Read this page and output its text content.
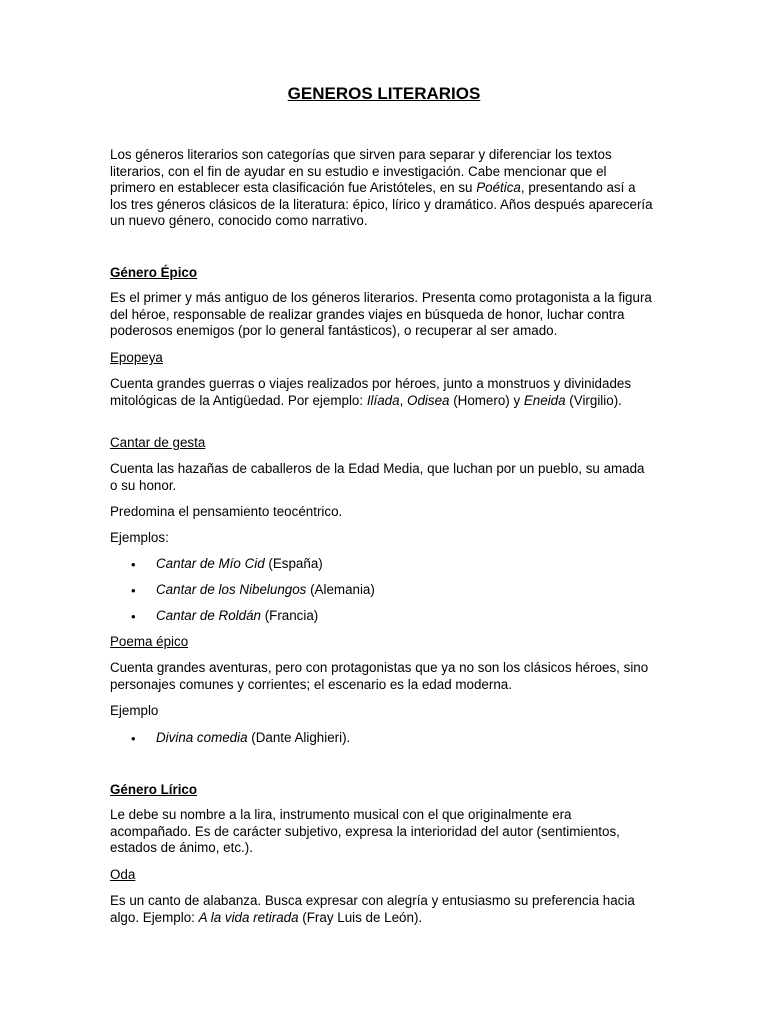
GENEROS LITERARIOS

Los géneros literarios son categorías que sirven para separar y diferenciar los textos literarios, con el fin de ayudar en su estudio e investigación. Cabe mencionar que el primero en establecer esta clasificación fue Aristóteles, en su Poética, presentando así a los tres géneros clásicos de la literatura: épico, lírico y dramático. Años después aparecería un nuevo género, conocido como narrativo.

Género Épico

Es el primer y más antiguo de los géneros literarios. Presenta como protagonista a la figura del héroe, responsable de realizar grandes viajes en búsqueda de honor, luchar contra poderosos enemigos (por lo general fantásticos), o recuperar al ser amado.

Epopeya

Cuenta grandes guerras o viajes realizados por héroes, junto a monstruos y divinidades mitológicas de la Antigüedad. Por ejemplo: Ilíada, Odisea (Homero) y Eneida (Virgilio).

Cantar de gesta

Cuenta las hazañas de caballeros de la Edad Media, que luchan por un pueblo, su amada o su honor.

Predomina el pensamiento teocéntrico.

Ejemplos:

• Cantar de Mío Cid (España)

• Cantar de los Nibelungos (Alemania)

• Cantar de Roldán (Francia)

Poema épico

Cuenta grandes aventuras, pero con protagonistas que ya no son los clásicos héroes, sino personajes comunes y corrientes; el escenario es la edad moderna.

Ejemplo

• Divina comedia (Dante Alighieri).

Género Lírico

Le debe su nombre a la lira, instrumento musical con el que originalmente era acompañado. Es de carácter subjetivo, expresa la interioridad del autor (sentimientos, estados de ánimo, etc.).

Oda

Es un canto de alabanza. Busca expresar con alegría y entusiasmo su preferencia hacia algo. Ejemplo: A la vida retirada (Fray Luis de León).
